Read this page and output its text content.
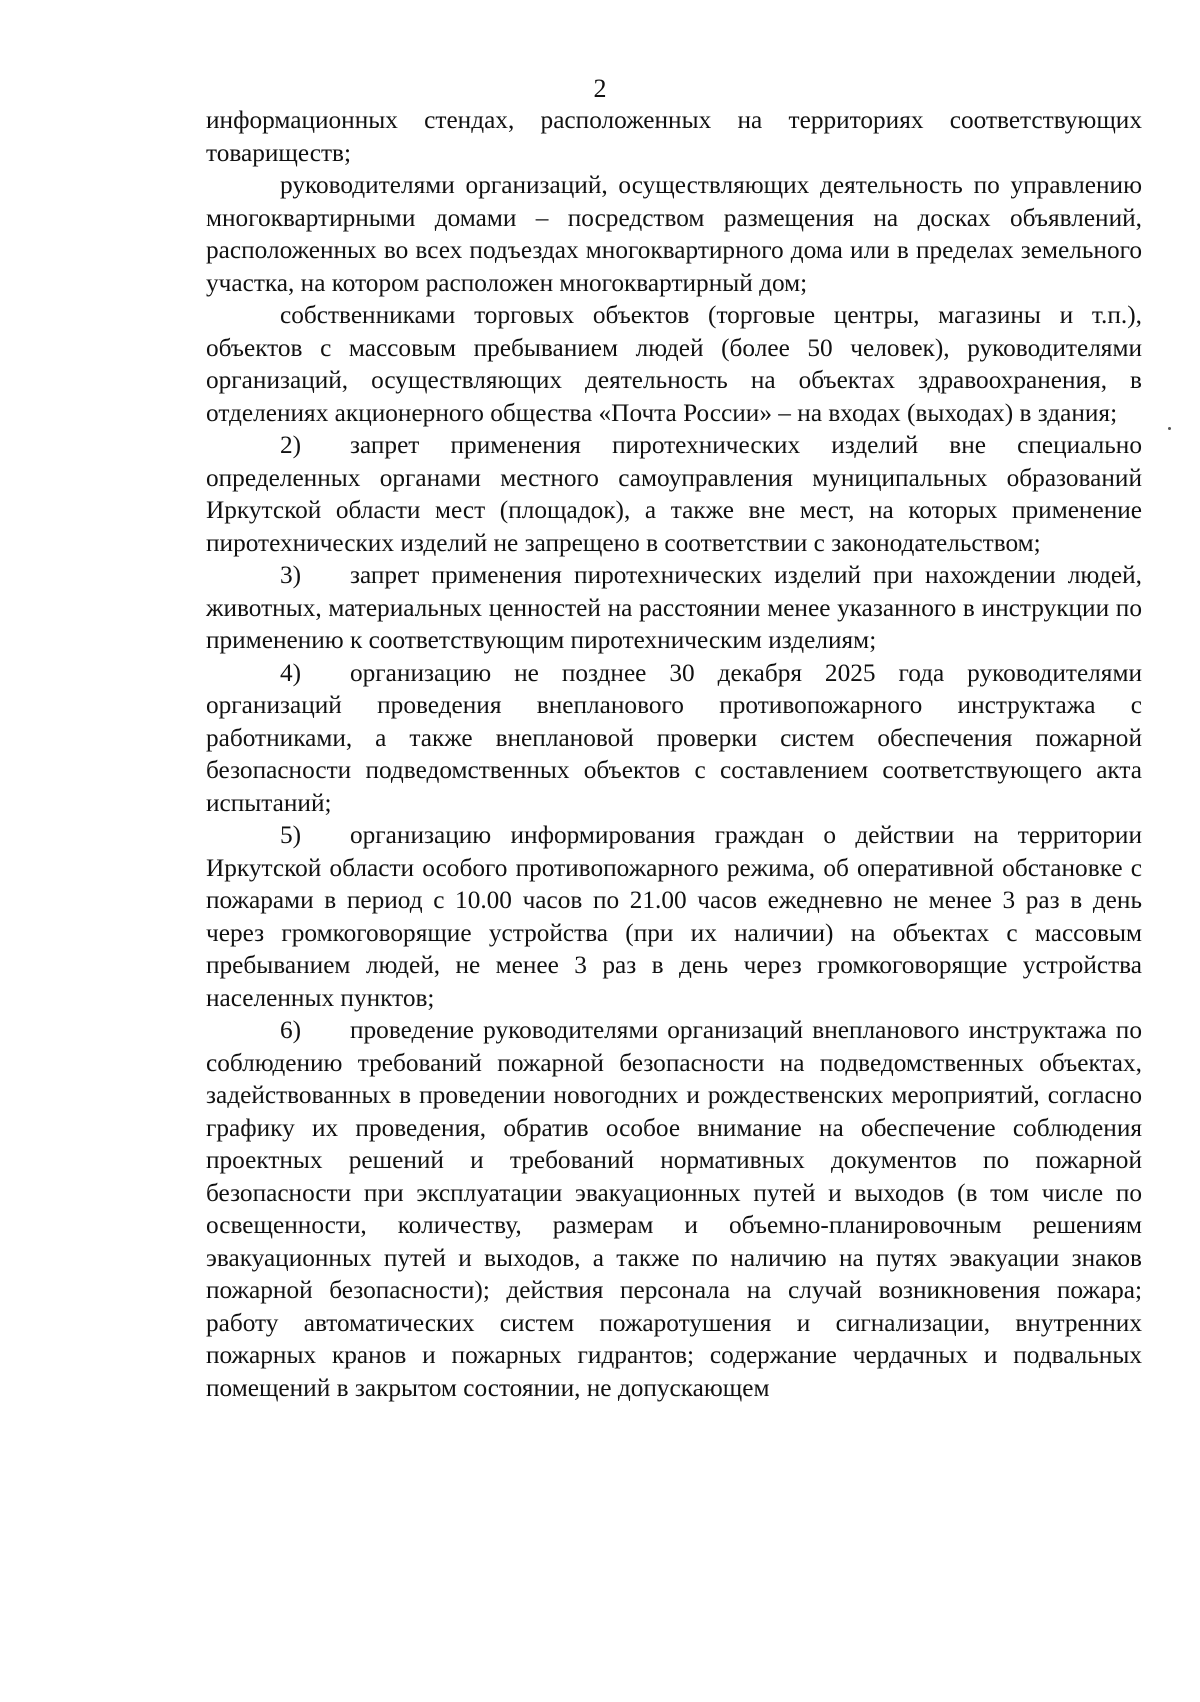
2

информационных стендах, расположенных на территориях соответствующих товариществ;

руководителями организаций, осуществляющих деятельность по управлению многоквартирными домами – посредством размещения на досках объявлений, расположенных во всех подъездах многоквартирного дома или в пределах земельного участка, на котором расположен многоквартирный дом;

собственниками торговых объектов (торговые центры, магазины и т.п.), объектов с массовым пребыванием людей (более 50 человек), руководителями организаций, осуществляющих деятельность на объектах здравоохранения, в отделениях акционерного общества «Почта России» – на входах (выходах) в здания;

2) запрет применения пиротехнических изделий вне специально определенных органами местного самоуправления муниципальных образований Иркутской области мест (площадок), а также вне мест, на которых применение пиротехнических изделий не запрещено в соответствии с законодательством;

3) запрет применения пиротехнических изделий при нахождении людей, животных, материальных ценностей на расстоянии менее указанного в инструкции по применению к соответствующим пиротехническим изделиям;

4) организацию не позднее 30 декабря 2025 года руководителями организаций проведения внепланового противопожарного инструктажа с работниками, а также внеплановой проверки систем обеспечения пожарной безопасности подведомственных объектов с составлением соответствующего акта испытаний;

5) организацию информирования граждан о действии на территории Иркутской области особого противопожарного режима, об оперативной обстановке с пожарами в период с 10.00 часов по 21.00 часов ежедневно не менее 3 раз в день через громкоговорящие устройства (при их наличии) на объектах с массовым пребыванием людей, не менее 3 раз в день через громкоговорящие устройства населенных пунктов;

6) проведение руководителями организаций внепланового инструктажа по соблюдению требований пожарной безопасности на подведомственных объектах, задействованных в проведении новогодних и рождественских мероприятий, согласно графику их проведения, обратив особое внимание на обеспечение соблюдения проектных решений и требований нормативных документов по пожарной безопасности при эксплуатации эвакуационных путей и выходов (в том числе по освещенности, количеству, размерам и объемно-планировочным решениям эвакуационных путей и выходов, а также по наличию на путях эвакуации знаков пожарной безопасности); действия персонала на случай возникновения пожара; работу автоматических систем пожаротушения и сигнализации, внутренних пожарных кранов и пожарных гидрантов; содержание чердачных и подвальных помещений в закрытом состоянии, не допускающем
